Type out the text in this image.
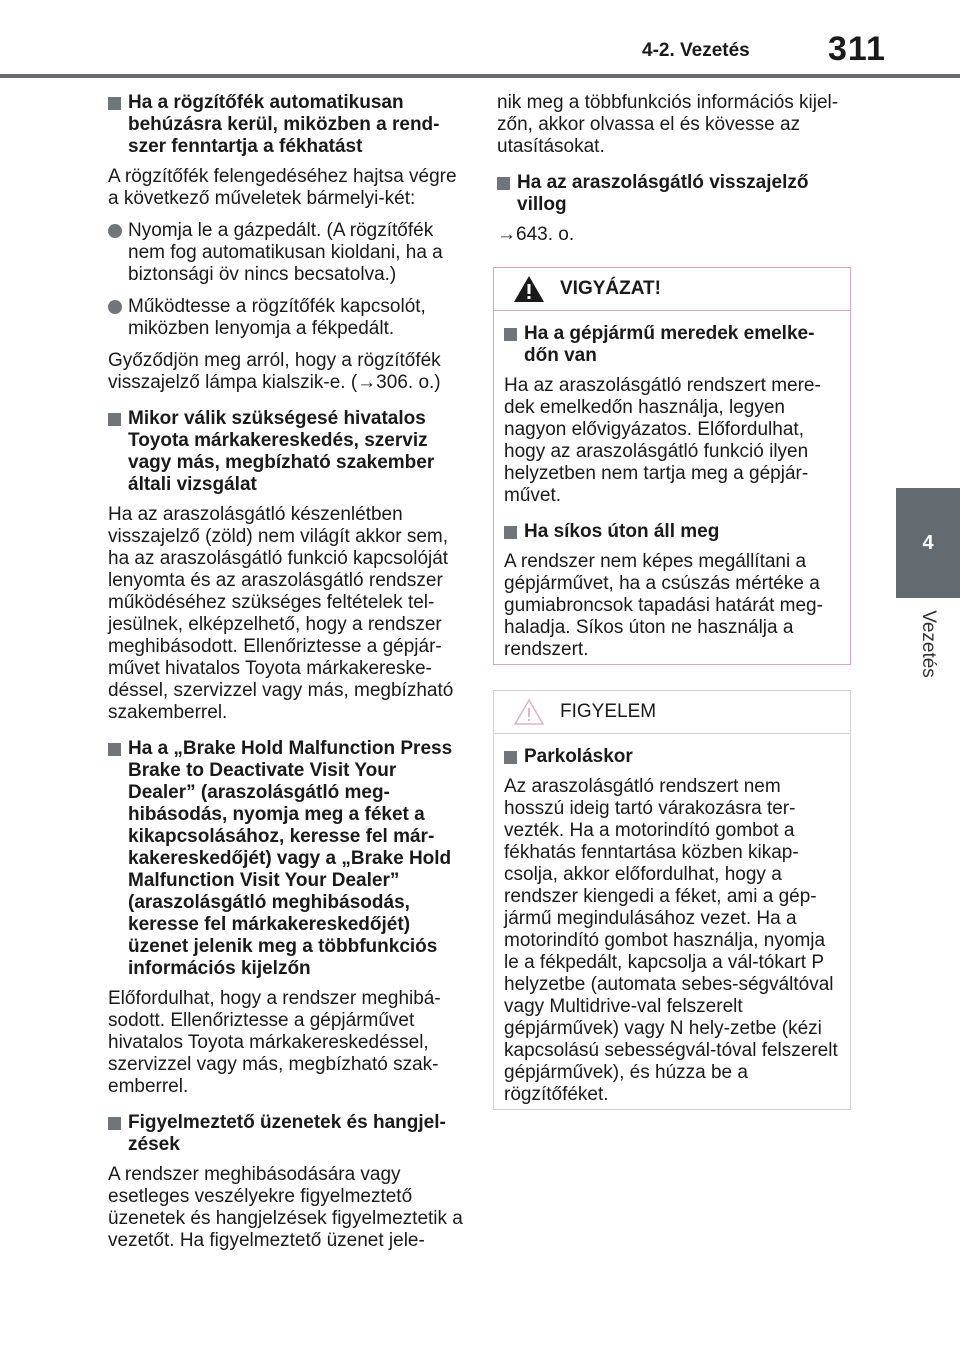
4-2. Vezetés 311
4
Vezetés
Ha a rögzítőfék automatikusan behúzásra kerül, miközben a rend-szer fenntartja a fékhatást
A rögzítőfék felengedéséhez hajtsa végre a következő műveletek bármelyi-két:
Nyomja le a gázpedált. (A rögzítőfék nem fog automatikusan kioldani, ha a biztonsági öv nincs becsatolva.)
Működtesse a rögzítőfék kapcsolót, miközben lenyomja a fékpedált.
Győződjön meg arról, hogy a rögzítőfék visszajelző lámpa kialszik-e. (→306. o.)
Mikor válik szükségesé hivatalos Toyota márkakereskedés, szerviz vagy más, megbízható szakember általi vizsgálat
Ha az araszolásgátló készenlétben visszajelző (zöld) nem világít akkor sem, ha az araszolásgátló funkció kapcsolóját lenyomta és az araszolásgátló rendszer működéséhez szükséges feltételek tel-jesülnek, elképzelhető, hogy a rendszer meghibásodott. Ellenőriztesse a gépjár-művet hivatalos Toyota márkakereske-déssel, szervizzel vagy más, megbízható szakemberrel.
Ha a „Brake Hold Malfunction Press Brake to Deactivate Visit Your Dealer” (araszolásgátló meg-hibásodás, nyomja meg a féket a kikapcsolásához, keresse fel már-kakereskedőjét) vagy a „Brake Hold Malfunction Visit Your Dealer” (araszolásgátló meghibásodás, keresse fel márkakereskedőjét) üzenet jelenik meg a többfunkciós információs kijelzőn
Előfordulhat, hogy a rendszer meghibá-sodott. Ellenőriztesse a gépjárművet hivatalos Toyota márkakereskedéssel, szervizzel vagy más, megbízható szak-emberrel.
Figyelmeztető üzenetek és hangjel-zések
A rendszer meghibásodására vagy esetleges veszélyekre figyelmeztető üzenetek és hangjelzések figyelmeztetik a vezetőt. Ha figyelmeztető üzenet jele-
nik meg a többfunkciós információs kijel-zőn, akkor olvassa el és kövesse az utasításokat.
Ha az araszolásgátló visszajelző villog
→643. o.
VIGYÁZAT!
Ha a gépjármű meredek emelke-dőn van
Ha az araszolásgátló rendszert mere-dek emelkedőn használja, legyen nagyon elővigyázatos. Előfordulhat, hogy az araszolásgátló funkció ilyen helyzetben nem tartja meg a gépjár-művet.
Ha síkos úton áll meg
A rendszer nem képes megállítani a gépjárművet, ha a csúszás mértéke a gumiabroncsok tapadási határát meg-haladja. Síkos úton ne használja a rendszert.
FIGYELEM
Parkoláskor
Az araszolásgátló rendszert nem hosszú ideig tartó várakozásra ter-vezték. Ha a motorindító gombot a fékhatás fenntartása közben kikap-csolja, akkor előfordulhat, hogy a rendszer kiengedi a féket, ami a gép-jármű megindulásához vezet. Ha a motorindító gombot használja, nyomja le a fékpedált, kapcsolja a vál-tókart P helyzetbe (automata sebes-ségváltóval vagy Multidrive-val felszerelt gépjárművek) vagy N hely-zetbe (kézi kapcsolású sebességvál-tóval felszerelt gépjárművek), és húzza be a rögzítőféket.
